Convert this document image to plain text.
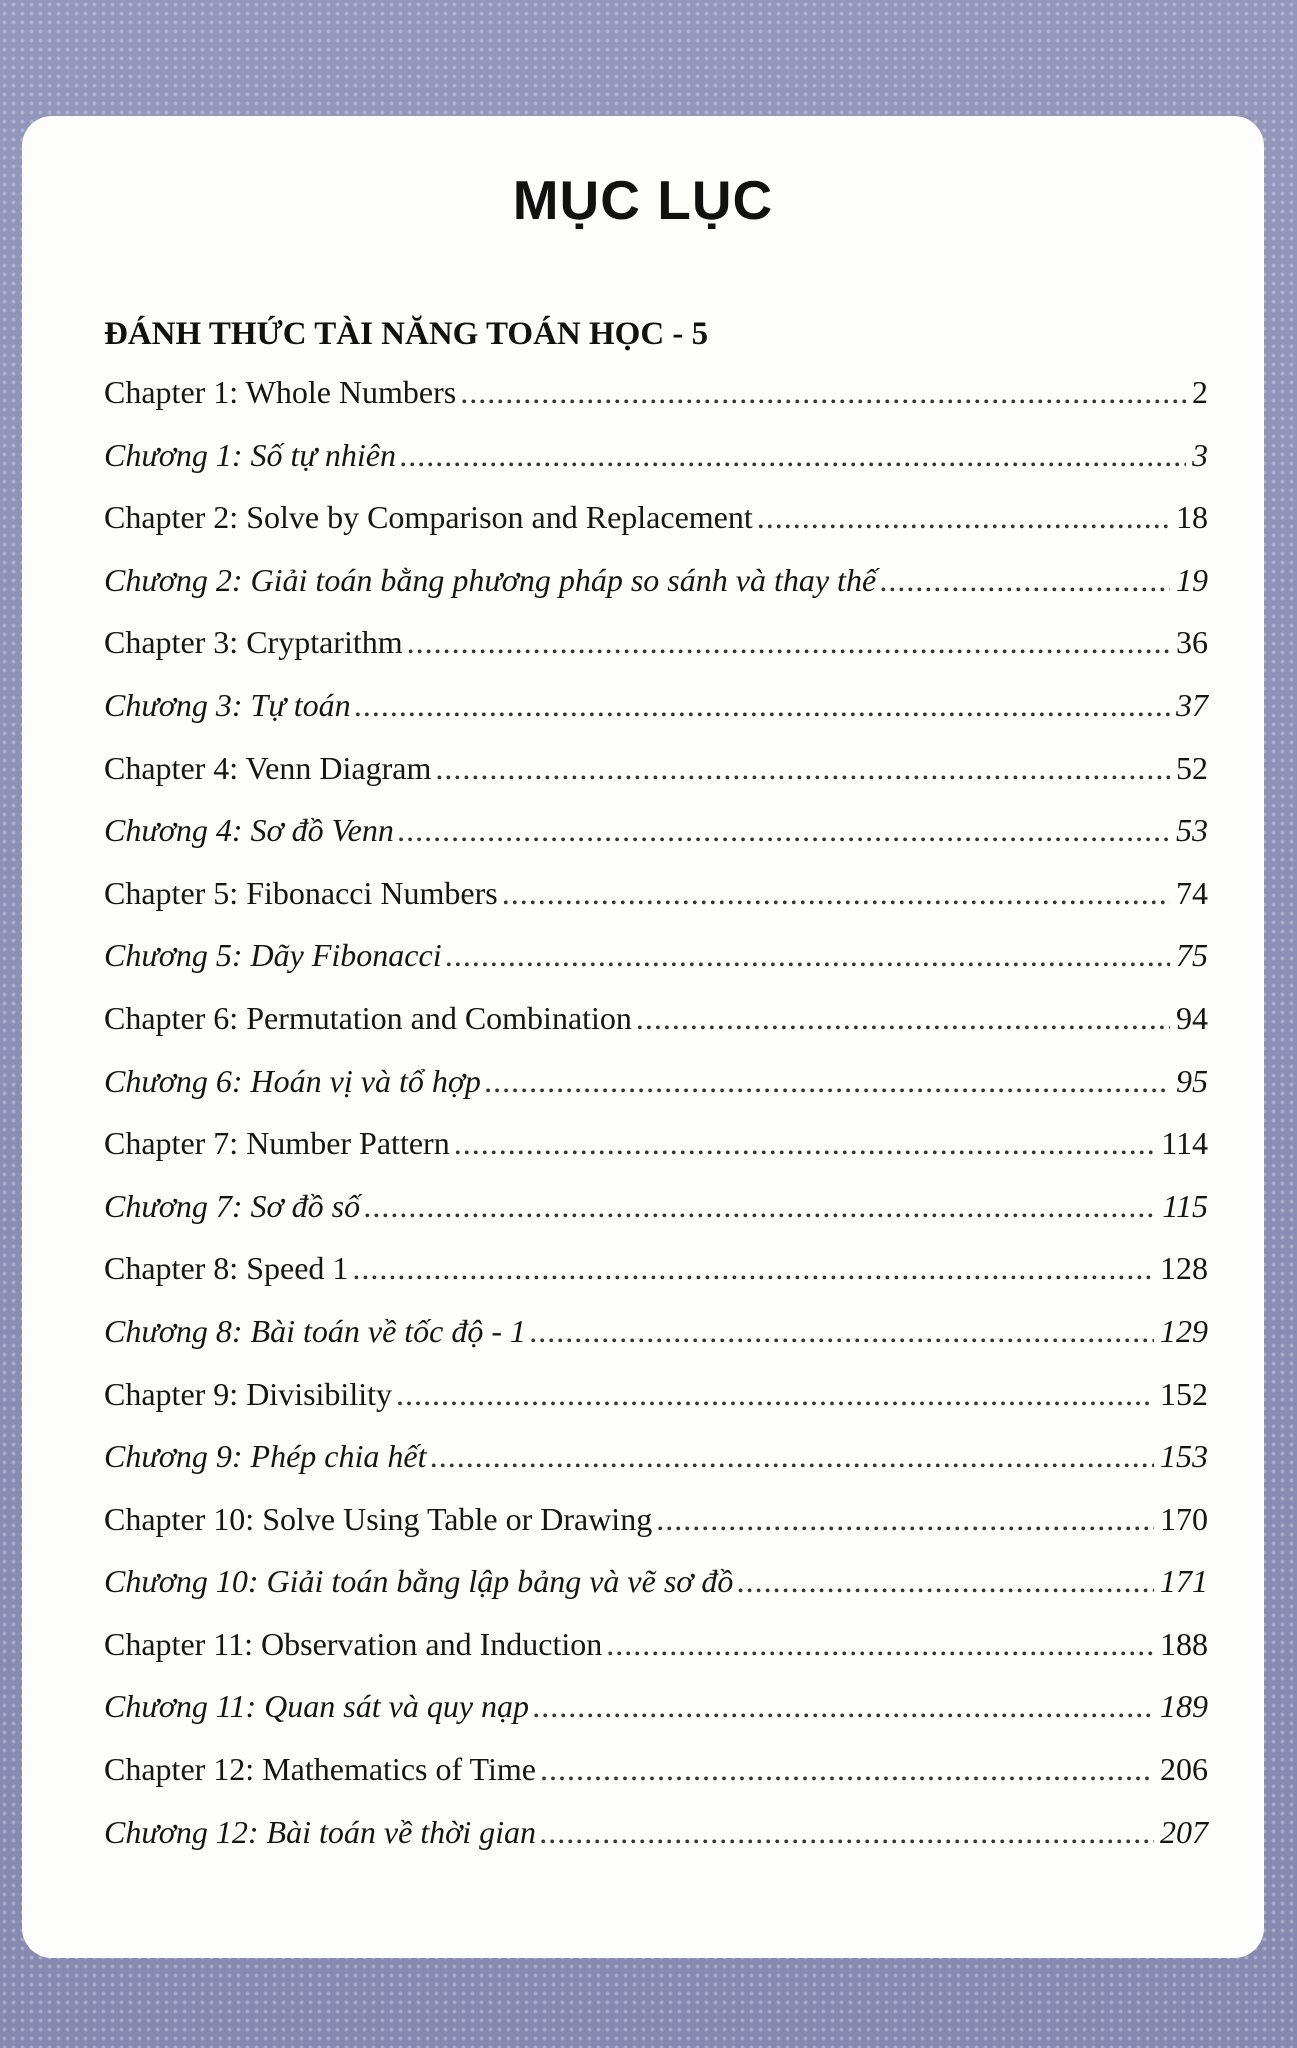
MỤC LỤC
ĐÁNH THỨC TÀI NĂNG TOÁN HỌC - 5
Chapter 1: Whole Numbers .....	2
Chương 1: Số tự nhiên .....	3
Chapter 2: Solve by Comparison and Replacement .....	18
Chương 2: Giải toán bằng phương pháp so sánh và thay thế .....	19
Chapter 3: Cryptarithm .....	36
Chương 3: Tự toán .....	37
Chapter 4: Venn Diagram .....	52
Chương 4: Sơ đồ Venn .....	53
Chapter 5: Fibonacci Numbers .....	74
Chương 5: Dãy Fibonacci .....	75
Chapter 6: Permutation and Combination .....	94
Chương 6: Hoán vị và tổ hợp .....	95
Chapter 7: Number Pattern .....	114
Chương 7: Sơ đồ số .....	115
Chapter 8: Speed 1 .....	128
Chương 8: Bài toán về tốc độ - 1 .....	129
Chapter 9: Divisibility .....	152
Chương 9: Phép chia hết .....	153
Chapter 10: Solve Using Table or Drawing .....	170
Chương 10: Giải toán bằng lập bảng và vẽ sơ đồ .....	171
Chapter 11: Observation and Induction .....	188
Chương 11: Quan sát và quy nạp .....	189
Chapter 12: Mathematics of Time .....	206
Chương 12: Bài toán về thời gian .....	207
